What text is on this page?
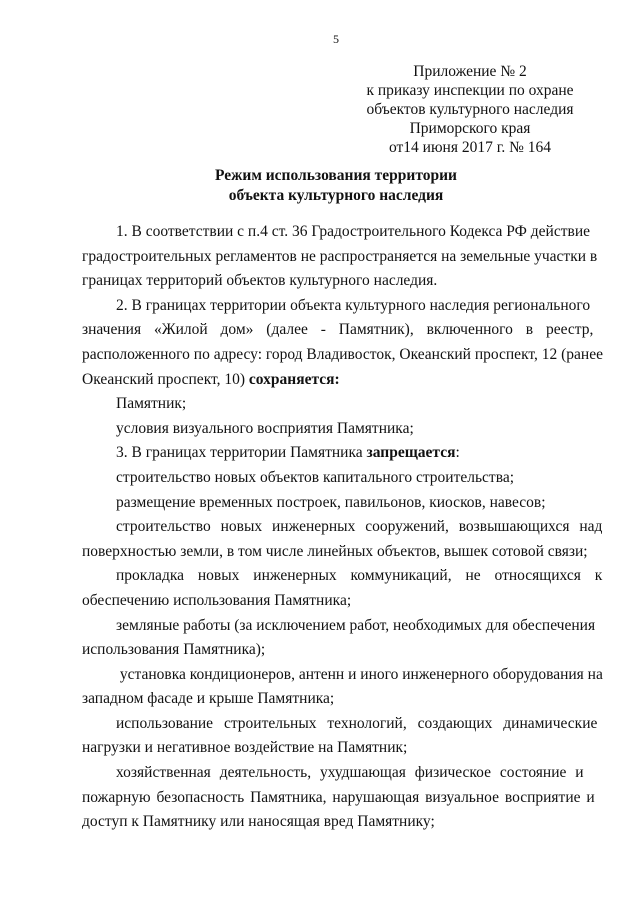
5
Приложение № 2
к приказу инспекции по охране
объектов культурного наследия
Приморского края
от14 июня 2017 г. № 164
Режим использования территории
объекта культурного наследия
1. В соответствии с п.4 ст. 36 Градостроительного Кодекса РФ действие
градостроительных регламентов не распространяется на земельные участки в
границах территорий объектов культурного наследия.
2. В границах территории объекта культурного наследия регионального
значения «Жилой дом» (далее - Памятник), включенного в реестр,
расположенного по адресу: город Владивосток, Океанский проспект, 12 (ранее
Океанский проспект, 10) сохраняется:
Памятник;
условия визуального восприятия Памятника;
3. В границах территории Памятника запрещается:
строительство новых объектов капитального строительства;
размещение временных построек, павильонов, киосков, навесов;
строительство новых инженерных сооружений, возвышающихся над
поверхностью земли, в том числе линейных объектов, вышек сотовой связи;
прокладка новых инженерных коммуникаций, не относящихся к
обеспечению использования Памятника;
земляные работы (за исключением работ, необходимых для обеспечения
использования Памятника);
установка кондиционеров, антенн и иного инженерного оборудования на
западном фасаде и крыше Памятника;
использование строительных технологий, создающих динамические
нагрузки и негативное воздействие на Памятник;
хозяйственная деятельность, ухудшающая физическое состояние и
пожарную безопасность Памятника, нарушающая визуальное восприятие и
доступ к Памятнику или наносящая вред Памятнику;
